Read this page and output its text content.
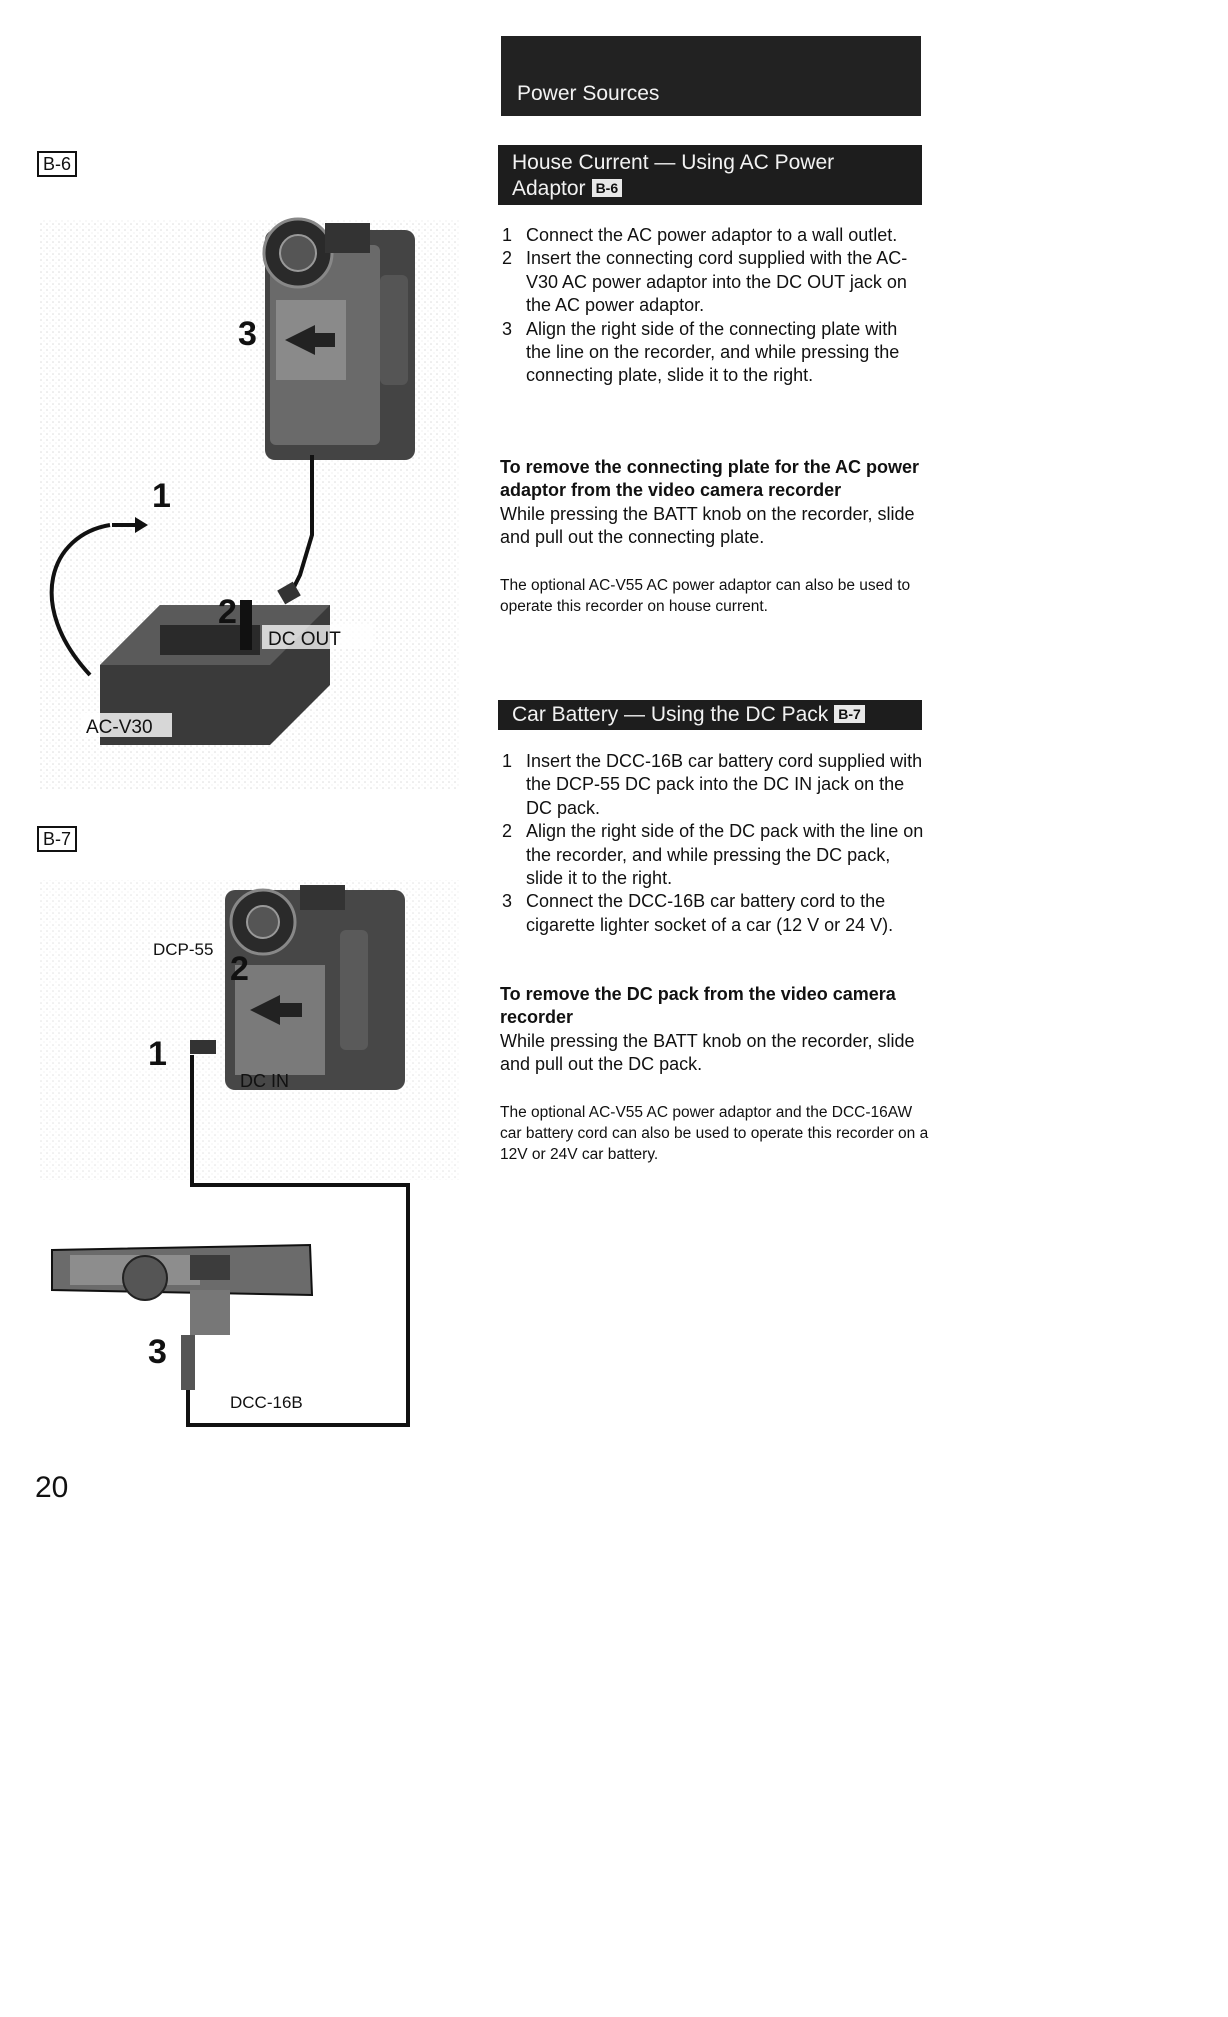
Power Sources
House Current — Using AC Power
Adaptor B-6
Car Battery — Using the DC Pack B-7
1 Connect the AC power adaptor to a wall outlet.
2 Insert the connecting cord supplied with the AC-V30 AC power adaptor into the DC OUT jack on the AC power adaptor.
3 Align the right side of the connecting plate with the line on the recorder, and while pressing the connecting plate, slide it to the right.
To remove the connecting plate for the AC power adaptor from the video camera recorder
While pressing the BATT knob on the recorder, slide and pull out the connecting plate.
The optional AC-V55 AC power adaptor can also be used to operate this recorder on house current.
1 Insert the DCC-16B car battery cord supplied with the DCP-55 DC pack into the DC IN jack on the DC pack.
2 Align the right side of the DC pack with the line on the recorder, and while pressing the DC pack, slide it to the right.
3 Connect the DCC-16B car battery cord to the cigarette lighter socket of a car (12 V or 24 V).
To remove the DC pack from the video camera recorder
While pressing the BATT knob on the recorder, slide and pull out the DC pack.
The optional AC-V55 AC power adaptor and the DCC-16AW car battery cord can also be used to operate this recorder on a 12V or 24V car battery.
B-6
B-7
3
1
2
DC OUT
AC-V30
2
1
3
DCP-55
DC IN
DCC-16B
20
